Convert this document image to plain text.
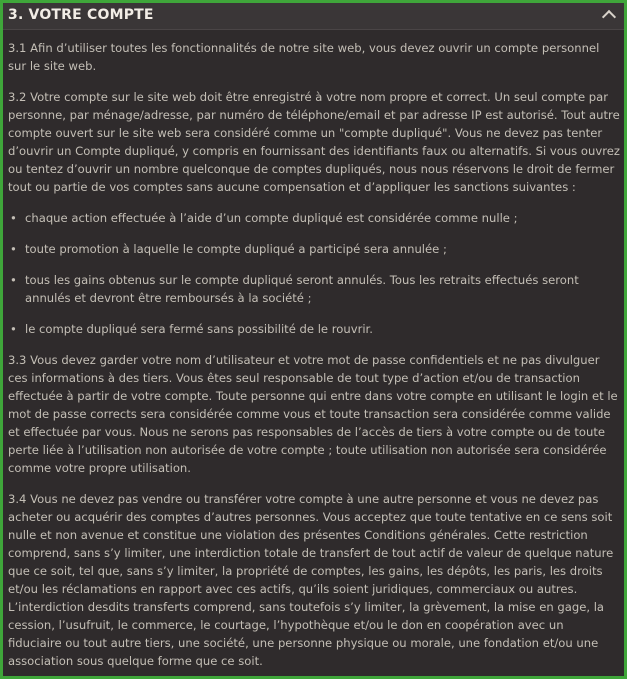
3. VOTRE COMPTE

3.1 Afin d’utiliser toutes les fonctionnalités de notre site web, vous devez ouvrir un compte personnel sur le site web.

3.2 Votre compte sur le site web doit être enregistré à votre nom propre et correct. Un seul compte par personne, par ménage/adresse, par numéro de téléphone/email et par adresse IP est autorisé. Tout autre compte ouvert sur le site web sera considéré comme un "compte dupliqué". Vous ne devez pas tenter d’ouvrir un Compte dupliqué, y compris en fournissant des identifiants faux ou alternatifs. Si vous ouvrez ou tentez d’ouvrir un nombre quelconque de comptes dupliqués, nous nous réservons le droit de fermer tout ou partie de vos comptes sans aucune compensation et d’appliquer les sanctions suivantes :

• chaque action effectuée à l’aide d’un compte dupliqué est considérée comme nulle ;
• toute promotion à laquelle le compte dupliqué a participé sera annulée ;
• tous les gains obtenus sur le compte dupliqué seront annulés. Tous les retraits effectués seront annulés et devront être remboursés à la société ;
• le compte dupliqué sera fermé sans possibilité de le rouvrir.

3.3 Vous devez garder votre nom d’utilisateur et votre mot de passe confidentiels et ne pas divulguer ces informations à des tiers. Vous êtes seul responsable de tout type d’action et/ou de transaction effectuée à partir de votre compte. Toute personne qui entre dans votre compte en utilisant le login et le mot de passe corrects sera considérée comme vous et toute transaction sera considérée comme valide et effectuée par vous. Nous ne serons pas responsables de l’accès de tiers à votre compte ou de toute perte liée à l’utilisation non autorisée de votre compte ; toute utilisation non autorisée sera considérée comme votre propre utilisation.

3.4 Vous ne devez pas vendre ou transférer votre compte à une autre personne et vous ne devez pas acheter ou acquérir des comptes d’autres personnes. Vous acceptez que toute tentative en ce sens soit nulle et non avenue et constitue une violation des présentes Conditions générales. Cette restriction comprend, sans s’y limiter, une interdiction totale de transfert de tout actif de valeur de quelque nature que ce soit, tel que, sans s’y limiter, la propriété de comptes, les gains, les dépôts, les paris, les droits et/ou les réclamations en rapport avec ces actifs, qu’ils soient juridiques, commerciaux ou autres. L’interdiction desdits transferts comprend, sans toutefois s’y limiter, la grèvement, la mise en gage, la cession, l’usufruit, le commerce, le courtage, l’hypothèque et/ou le don en coopération avec un fiduciaire ou tout autre tiers, une société, une personne physique ou morale, une fondation et/ou une association sous quelque forme que ce soit.
